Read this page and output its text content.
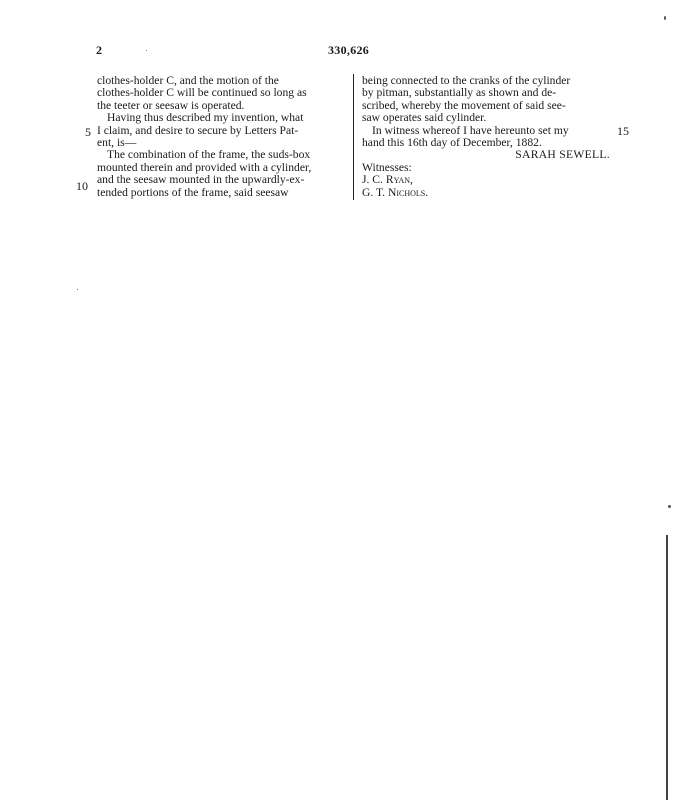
2	330,626
5
10
15

clothes-holder C, and the motion of the

clothes-holder C will be continued so long as

the teeter or seesaw is operated.

Having thus described my invention, what

I claim, and desire to secure by Letters Pat-

ent, is—

The combination of the frame, the suds-box

mounted therein and provided with a cylinder,

and the seesaw mounted in the upwardly-ex-

tended portions of the frame, said seesaw

being connected to the cranks of the cylinder

by pitman, substantially as shown and de-

scribed, whereby the movement of said see-

saw operates said cylinder.

In witness whereof I have hereunto set my

hand this 16th day of December, 1882.

SARAH SEWELL.

Witnesses:

J. C. Ryan,

G. T. Nichols.
